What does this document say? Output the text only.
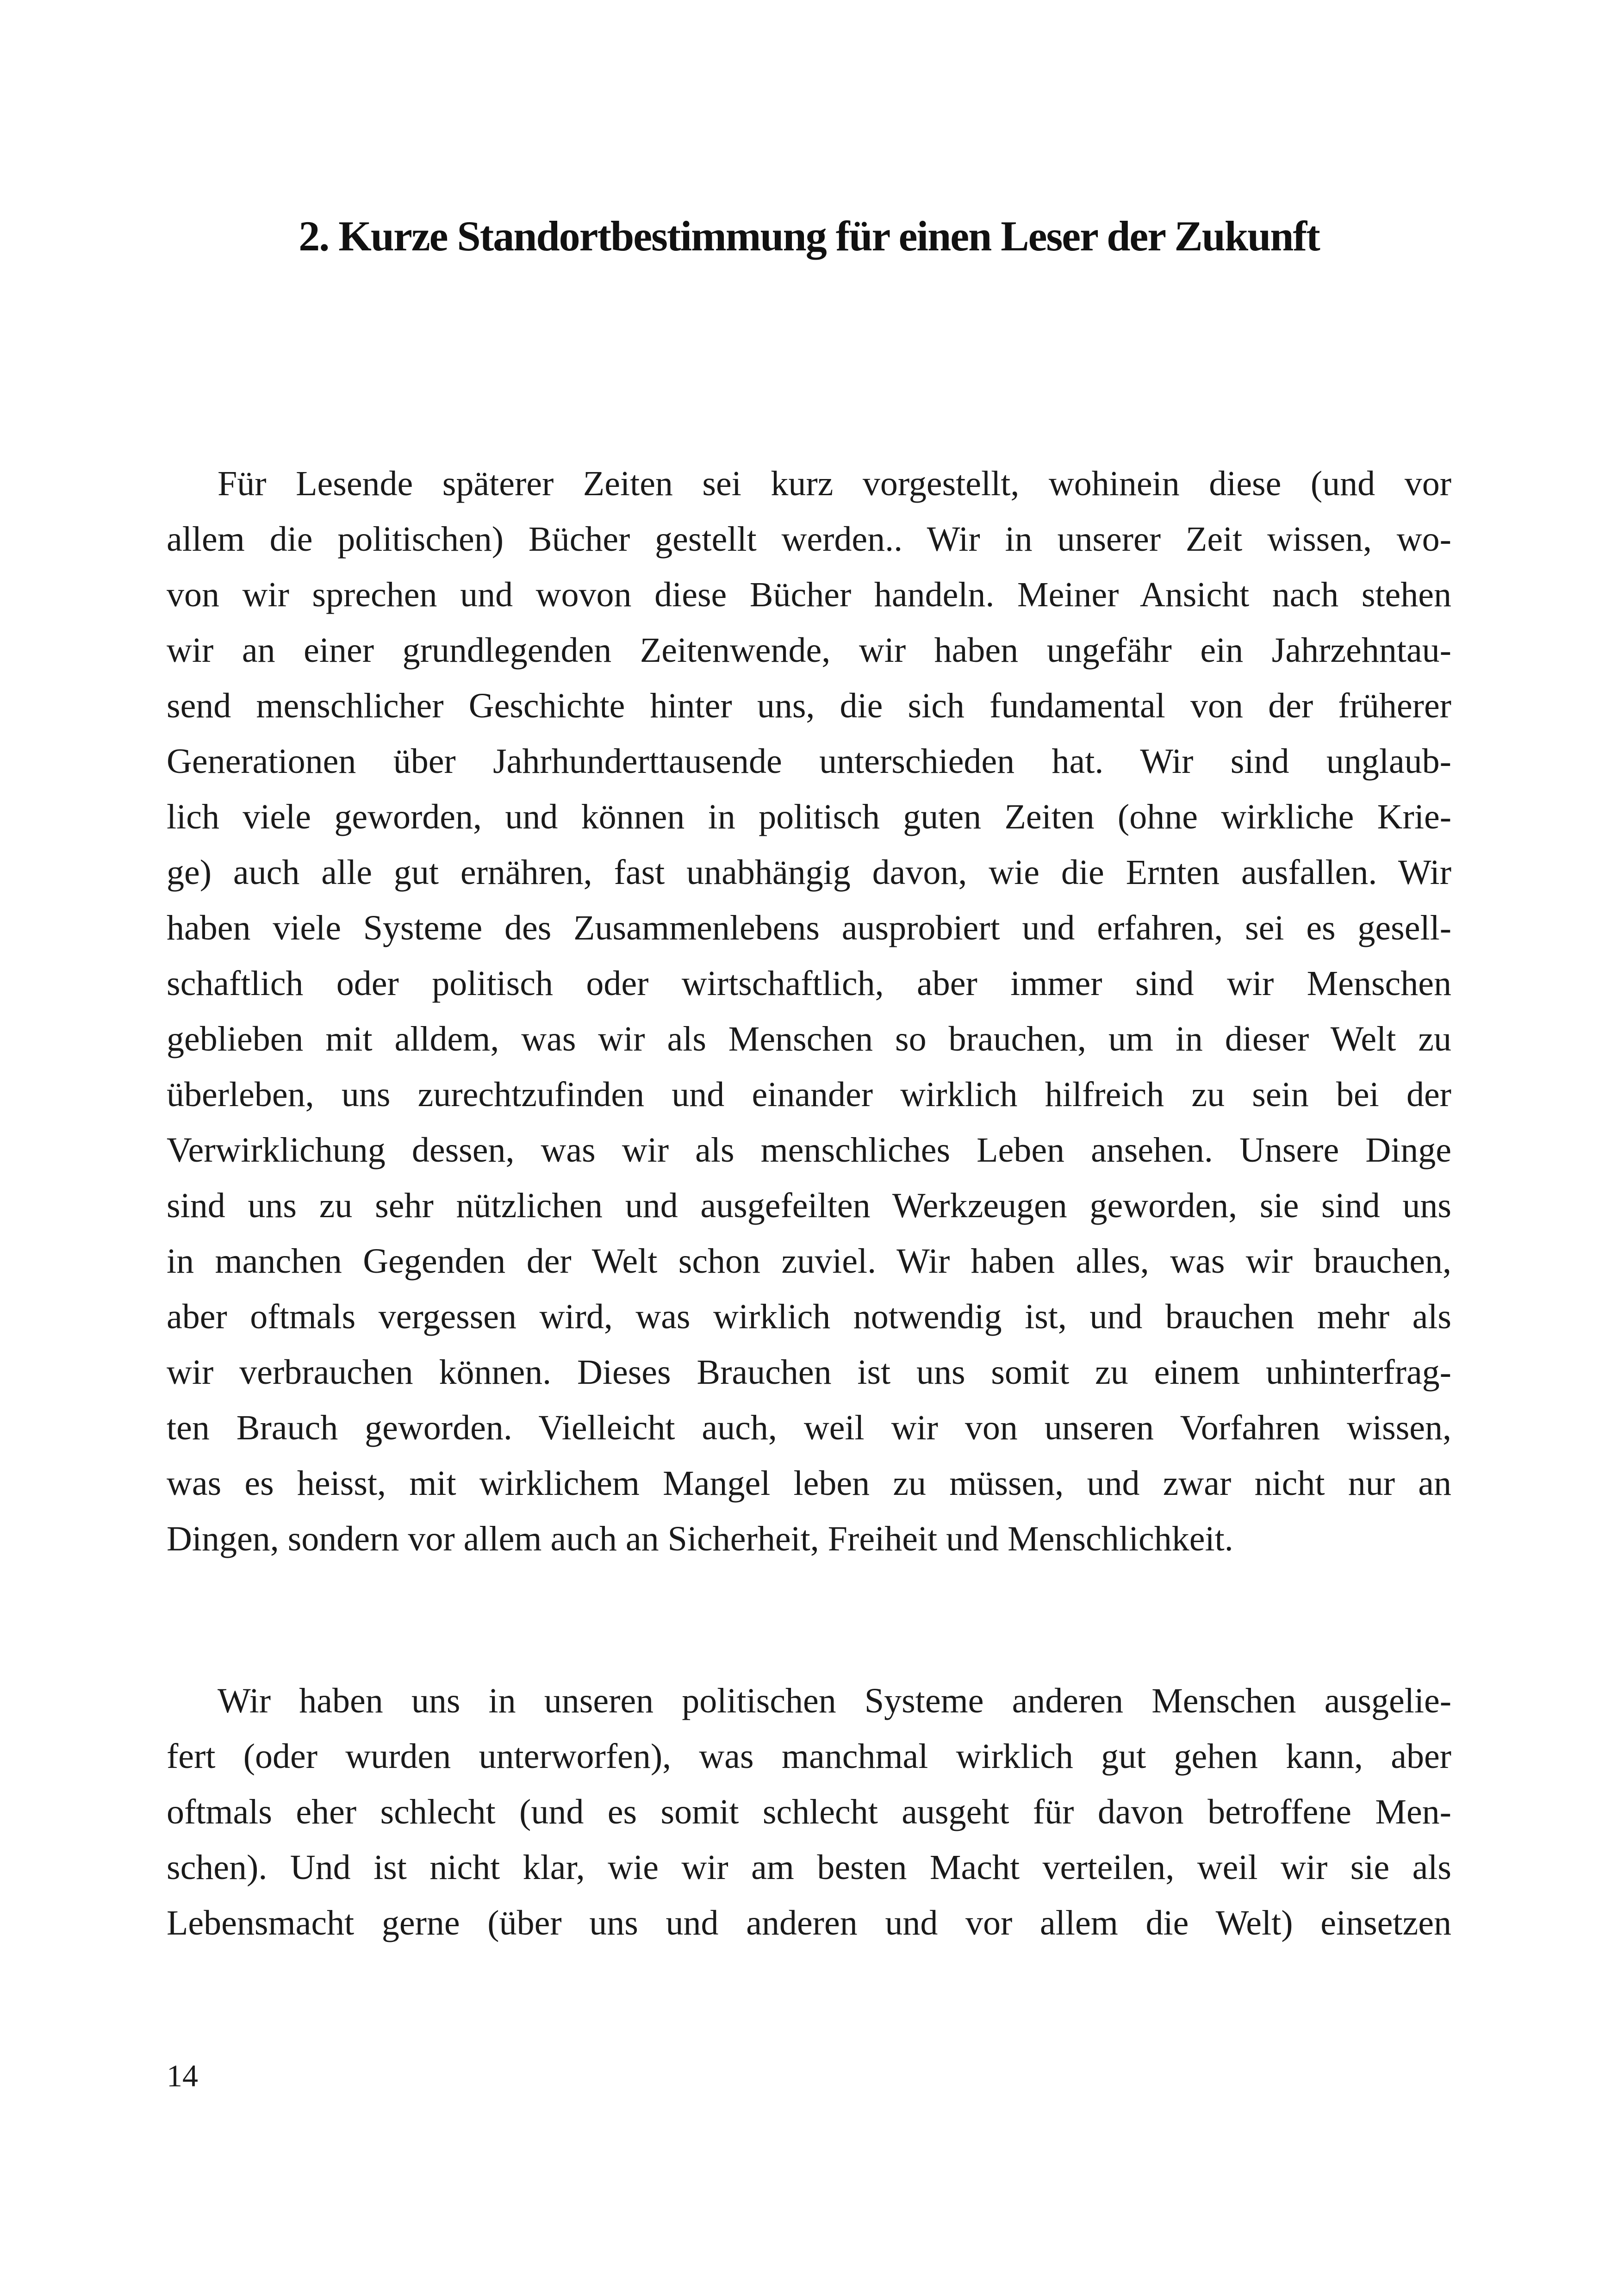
2. Kurze Standortbestimmung für einen Leser der Zukunft
Für Lesende späterer Zeiten sei kurz vorgestellt, wohinein diese (und vor
allem die politischen) Bücher gestellt werden.. Wir in unserer Zeit wissen, wo-
von wir sprechen und wovon diese Bücher handeln. Meiner Ansicht nach stehen
wir an einer grundlegenden Zeitenwende, wir haben ungefähr ein Jahrzehntau-
send menschlicher Geschichte hinter uns, die sich fundamental von der früherer
Generationen über Jahrhunderttausende unterschieden hat. Wir sind unglaub-
lich viele geworden, und können in politisch guten Zeiten (ohne wirkliche Krie-
ge) auch alle gut ernähren, fast unabhängig davon, wie die Ernten ausfallen. Wir
haben viele Systeme des Zusammenlebens ausprobiert und erfahren, sei es gesell-
schaftlich oder politisch oder wirtschaftlich, aber immer sind wir Menschen
geblieben mit alldem, was wir als Menschen so brauchen, um in dieser Welt zu
überleben, uns zurechtzufinden und einander wirklich hilfreich zu sein bei der
Verwirklichung dessen, was wir als menschliches Leben ansehen. Unsere Dinge
sind uns zu sehr nützlichen und ausgefeilten Werkzeugen geworden, sie sind uns
in manchen Gegenden der Welt schon zuviel. Wir haben alles, was wir brauchen,
aber oftmals vergessen wird, was wirklich notwendig ist, und brauchen mehr als
wir verbrauchen können. Dieses Brauchen ist uns somit zu einem unhinterfrag-
ten Brauch geworden. Vielleicht auch, weil wir von unseren Vorfahren wissen,
was es heisst, mit wirklichem Mangel leben zu müssen, und zwar nicht nur an
Dingen, sondern vor allem auch an Sicherheit, Freiheit und Menschlichkeit.
Wir haben uns in unseren politischen Systeme anderen Menschen ausgelie-
fert (oder wurden unterworfen), was manchmal wirklich gut gehen kann, aber
oftmals eher schlecht (und es somit schlecht ausgeht für davon betroffene Men-
schen). Und ist nicht klar, wie wir am besten Macht verteilen, weil wir sie als
Lebensmacht gerne (über uns und anderen und vor allem die Welt) einsetzen

14
